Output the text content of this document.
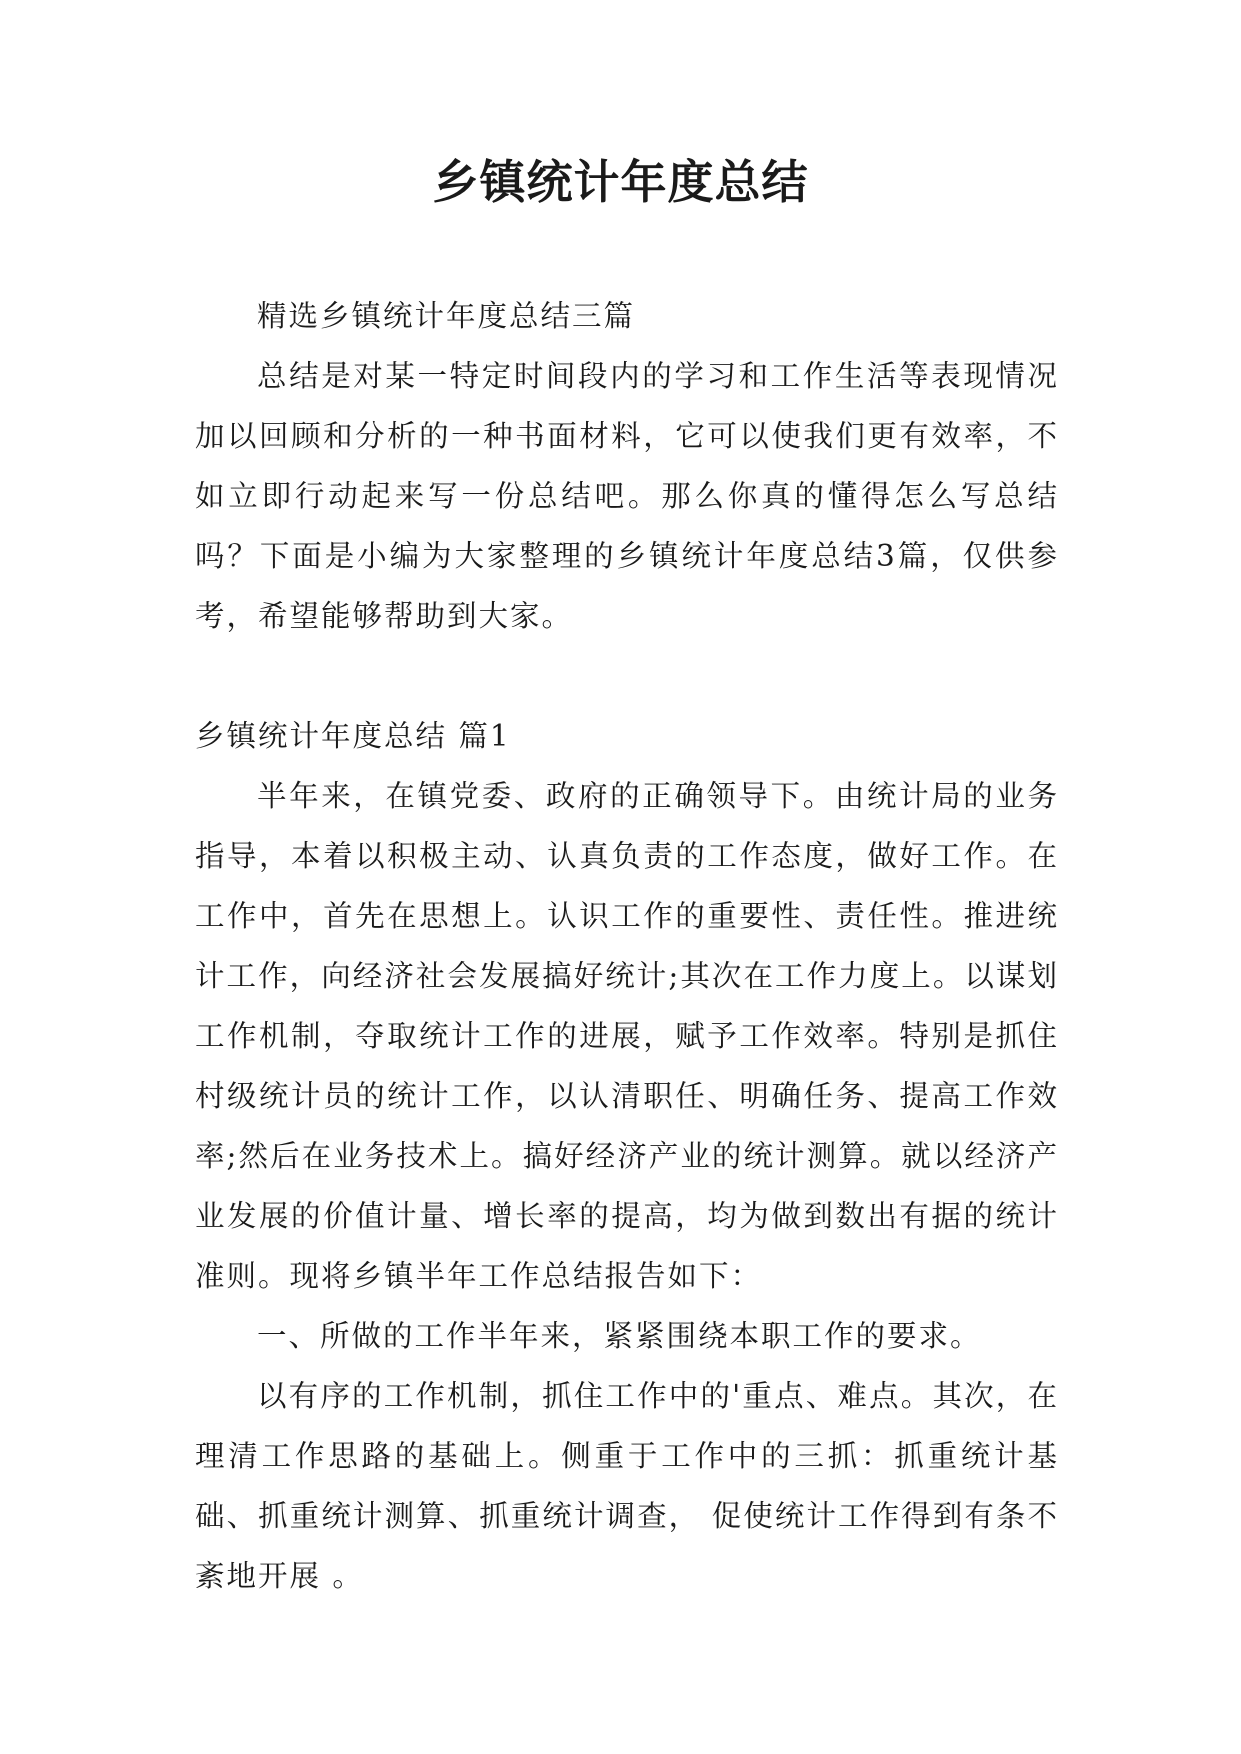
乡镇统计年度总结

精选乡镇统计年度总结三篇

总结是对某一特定时间段内的学习和工作生活等表现情况加以回顾和分析的一种书面材料，它可以使我们更有效率，不如立即行动起来写一份总结吧。那么你真的懂得怎么写总结吗？下面是小编为大家整理的乡镇统计年度总结3篇，仅供参考，希望能够帮助到大家。

乡镇统计年度总结 篇1

半年来，在镇党委、政府的正确领导下。由统计局的业务指导，本着以积极主动、认真负责的工作态度，做好工作。在工作中，首先在思想上。认识工作的重要性、责任性。推进统计工作，向经济社会发展搞好统计;其次在工作力度上。以谋划工作机制，夺取统计工作的进展，赋予工作效率。特别是抓住村级统计员的统计工作，以认清职任、明确任务、提高工作效率;然后在业务技术上。搞好经济产业的统计测算。就以经济产业发展的价值计量、增长率的提高，均为做到数出有据的统计准则。现将乡镇半年工作总结报告如下：

一、所做的工作半年来，紧紧围绕本职工作的要求。

以有序的工作机制，抓住工作中的'重点、难点。其次，在理清工作思路的基础上。侧重于工作中的三抓：抓重统计基础、抓重统计测算、抓重统计调查， 促使统计工作得到有条不紊地开展 。
